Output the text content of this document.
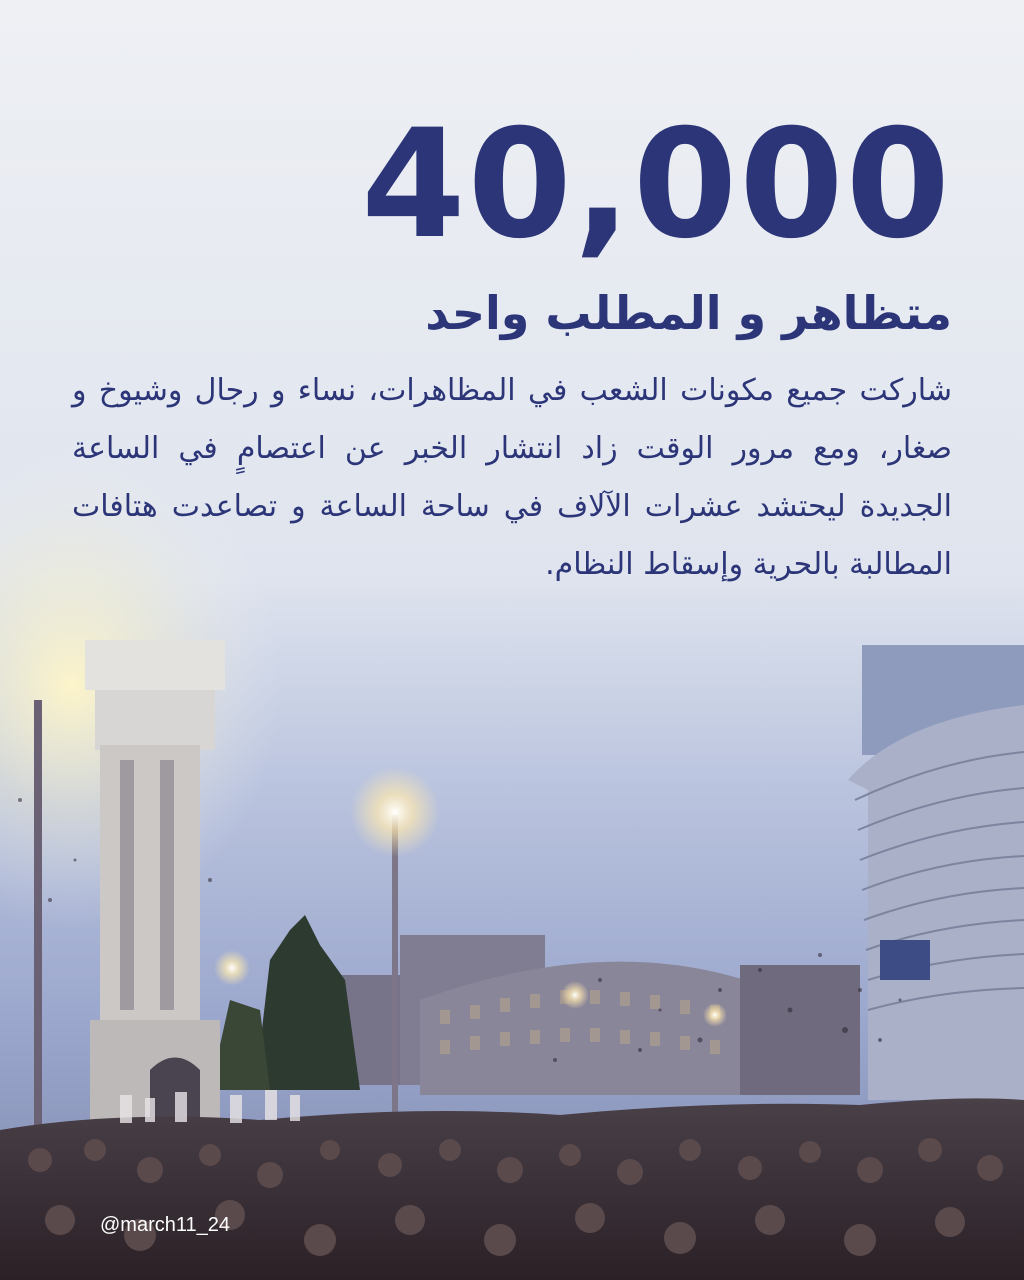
40,000
متظاهر و المطلب واحد

شاركت جميع مكونات الشعب في المظاهرات، نساء و رجال وشيوخ و صغار، ومع مرور الوقت زاد انتشار الخبر عن اعتصامٍ في الساعة الجديدة ليحتشد عشرات الآلاف في ساحة الساعة و تصاعدت هتافات المطالبة بالحرية وإسقاط النظام.

@march11_24
